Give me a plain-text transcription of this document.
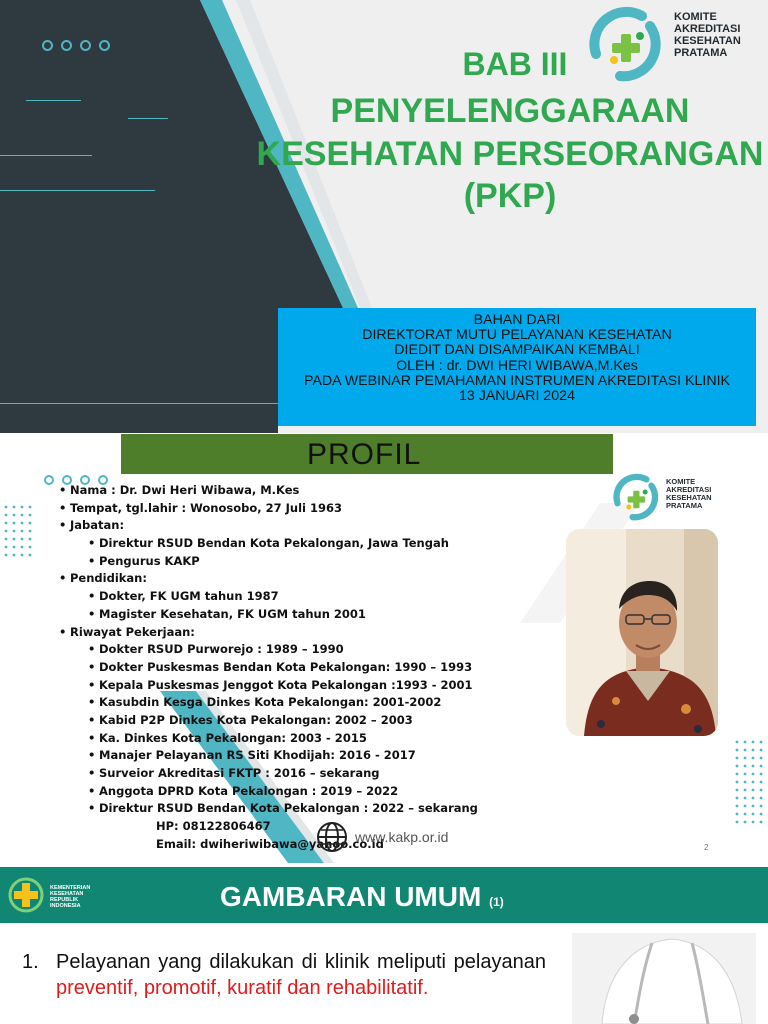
KOMITE
AKREDITASI
KESEHATAN
PRATAMA
BAB III
PENYELENGGARAAN
KESEHATAN PERSEORANGAN
(PKP)
BAHAN DARI
DIREKTORAT MUTU PELAYANAN KESEHATAN
DIEDIT DAN DISAMPAIKAN KEMBALI
OLEH : dr. DWI HERI WIBAWA,M.Kes
PADA WEBINAR PEMAHAMAN INSTRUMEN AKREDITASI KLINIK
13 JANUARI 2024
PROFIL
KOMITE
AKREDITASI
KESEHATAN
PRATAMA
• Nama : Dr. Dwi Heri Wibawa, M.Kes
• Tempat, tgl.lahir : Wonosobo, 27 Juli 1963
• Jabatan:
• Direktur RSUD Bendan Kota Pekalongan, Jawa Tengah
• Pengurus KAKP
• Pendidikan:
• Dokter, FK UGM tahun 1987
• Magister Kesehatan, FK UGM tahun 2001
• Riwayat Pekerjaan:
• Dokter RSUD Purworejo : 1989 – 1990
• Dokter Puskesmas Bendan Kota Pekalongan: 1990 – 1993
• Kepala Puskesmas Jenggot Kota Pekalongan :1993 - 2001
• Kasubdin Kesga Dinkes Kota Pekalongan: 2001-2002
• Kabid P2P Dinkes Kota Pekalongan: 2002 – 2003
• Ka. Dinkes Kota Pekalongan: 2003 - 2015
• Manajer Pelayanan RS Siti Khodijah: 2016 - 2017
• Surveior Akreditasi FKTP : 2016 – sekarang
• Anggota DPRD Kota Pekalongan : 2019 – 2022
• Direktur RSUD Bendan Kota Pekalongan : 2022 – sekarang
HP: 08122806467
Email: dwiheriwibawa@yahoo.co.id
www.kakp.or.id
2
KEMENTERIAN
KESEHATAN
REPUBLIK
INDONESIA	GAMBARAN UMUM (1)
1. Pelayanan yang dilakukan di klinik meliputi pelayanan preventif, promotif, kuratif dan rehabilitatif.
